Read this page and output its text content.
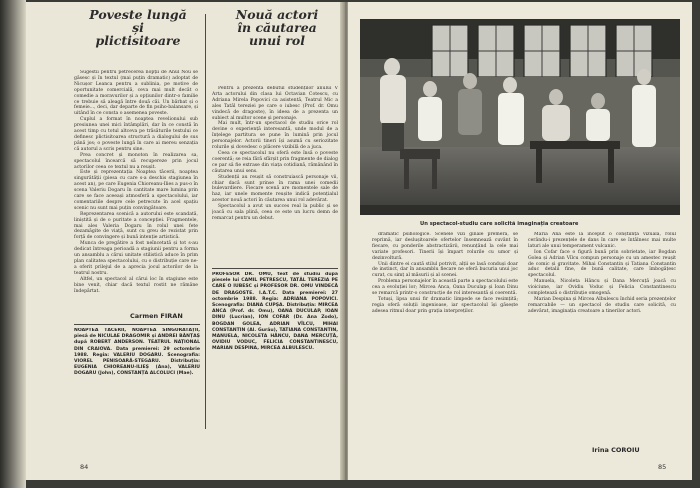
Poveste lungă
și plictisitoare
Nouă actori
în căutarea
unui rol

Sugestii pentru petrecerea nopții de Anul Nou se găsesc și în textul (mai puțin dramatic) adoptat de Nicușor Leanca pentru a sublinia, pe motive de oportunitate comercială, ceva mai mult decât o comedie a moravurilor și a opțiunilor dintr-o familie ce trebuie să aleagă între două căi. Un bărbat și o femeie..., deci, dar departe de fin psiho-balansare, și uitând în ce consta o asemenea poveste.

Cuplul a format în noaptea revelionului sub presiunea unei mici întâmplări, dar în ce constă în acest timp cu totul altceva pe trăsăturile textului ce definesc plictisitoarea structură a dialogului de sus până jos; o poveste lungă în care ai mereu senzația că autorul a scris pentru sine.

Prea concret și monoton în realizarea sa, spectacolul încearcă să recupereze prin jocul actorilor ceea ce textul nu a reușit.

Este și reprezentația Noaptea tăcerii, noaptea singurătății (piesa cu care s-a deschis stagiunea în acest an), pe care Eugenia Chioreanu-Ilies a pus-o în scena Valeriu Dogaru în cantitate mare lumina prin care se face aceeași atmosferă a spectacolului, iar comentariile despre cele petrecute în acel spațiu scenic nu sunt mai puțin convingătoare.

Reprezentarea scenică a autorului este scandată, liniștită și de o puritate a concepției. Fragmentele, mai ales Valeria Dogaru în rolul unei fete dezamăgite de viață, sunt cu greu de rezistat prin forță de convingere și bună intenție artistică.

Munca de pregătire a fost neîncetată și tot s-au dedicat întreaga perioadă a stagiunii pentru a forma un ansamblu a cărui unitate stilistică aduce în prim plan calitatea spectacolului, cu o distribuție care ne-a oferit prilejul de a aprecia jocul actorilor de la teatrul nostru.

Altfel, un spectacol al cărui loc în stagiune este bine venit, chiar dacă textul rostit ne rămâne îndepărtat.

Carmen FIRAN

Pentru a prezenta debutul studenților anului V Arta actorului din clasa lui Octavian Cotescu, cu Adriana Mirela Popovici ca asistentă, Teatrul Mic a ales Tatăl tereziei pe care o iubesc (Prof. dr. Omu vindecă de dragoste), în ideea de a prezenta un subiect al multor scene și personaje.

Mai mult, într-un spectacol de studiu orice rol devine o experiență interesantă, unde modul de a înțelege partitura se pune în lumină prin jocul personajelor. Actorii tineri își asumă cu seriozitate rolurile și dovedesc o plăcere vizibilă de a juca.

Ceea ce spectacolul nu oferă este însă o poveste coerentă; se reia fără sfârșit prin fragmente de dialog ce par să fie extrase din viața cotidiană, rămânând în căutarea unui sens.

Studenții au reușit să construiască personaje vii, chiar dacă sunt prinse în rama unei comedii bulevardiere. Fiecare scenă are momentele sale de haz, iar unele momente reușite indică potențialul acestor nouă actori în căutarea unui rol adevărat.

Spectacolul a avut un succes real la public și se joacă cu sala plină, ceea ce este un lucru demn de remarcat pentru un debut.

PROFESOR DR. OMU, text de studiu după piesele lui CAMIL PETRESCU, TATĂL TEREZIA PE CARE O IUBESC și PROFESOR DR. OMU VINDECĂ DE DRAGOSTE. I.A.T.C. Data premierei: 27 octombrie 1988. Regia: ADRIANA POPOVICI. Scenografia: DIANA CUPȘA. Distribuția: MIRCEA ANCA (Prof. dr. Omu), OANA DUCULAP, IOAN DINU (Lucrian), ION COFAR (Dr. Ana Zodo), BOGDAN GOLEA, ADRIAN VÎLCU, MIHAI CONSTANTIN (Al. Gurău), TATIANA CONSTANTIN, MANUELA, NICOLETA HÂNCU, DANA MERCUȚĂ, OVIDIU VODUC, FELICIA CONSTANTINESCU, MARIAN DESPINA, MIRCEA ALBULESCU.
NOAPTEA TĂCERII, NOAPTEA SINGURĂTĂȚII, piesă de NICULAE DRAGOMIR și ANDREI BĂNȚAȘ după ROBERT ANDERSON. TEATRUL NAȚIONAL DIN CRAIOVA. Data premierei: 29 octombrie 1988. Regia: VALERIU DOGARU. Scenografia: VIOREL PENISOARĂ-STEGARU. Distribuția: EUGENIA CHIOREANU-ILIEȘ (Ana), VALERIU DOGARU (John), CONSTANȚA ALCOLUCI (Mae).
84
Un spectacol-studiu care solicită imaginația creatoare

dramatic psihologice. Scenele vizi ginale premeră, se reprimă, iar deslușitoarele ofertelor însemnează cuvânt în fiecare, cu ponderile abstractizării, renunțând la cele mai variate profesori. Tinerii își împart rolurile cu umor și dezinvoltură.

Unii dintre ei caută stilul potrivit, alții se lasă conduși doar de instinct, dar în ansamblu fiecare ne oferă bucuria unui joc curat, cu simț al măsurii și al scenei.

Problema personajelor în această parte a spectacolului este cea a evoluției lor; Mircea Anca, Oana Duculap și Ioan Dinu se remarcă printr-o construcție de rol interesantă și coerentă.

Totuși, lipsa unui fir dramatic limpede se face resimțită; regia oferă soluții ingenioase, iar spectacolul își găsește adesea ritmul doar prin grația interpreților.

Maria Ana este la început o conștiință vizuală, rolul cerându-i prezențele de dans în care se întâlnesc mai multe laturi ale unui temperament vulcanic.

Ion Cofar face o figură bună prin sobrietate, iar Bogdan Golea și Adrian Vîlcu compun personaje cu un amestec reușit de comic și gravitate. Mihai Constantin și Tatiana Constantin aduc detalii fine, de bună calitate, care îmbogățesc spectacolul.

Manuela, Nicoleta Hâncu și Dana Mercuță joacă cu vioiciune, iar Ovidiu Voduc și Felicia Constantinescu completează o distribuție omogenă.

Marian Despina și Mircea Albulescu închid seria prezențelor remarcabile — un spectacol de studiu care solicită, cu adevărat, imaginația creatoare a tinerilor actori.

Irina COROIU
85
